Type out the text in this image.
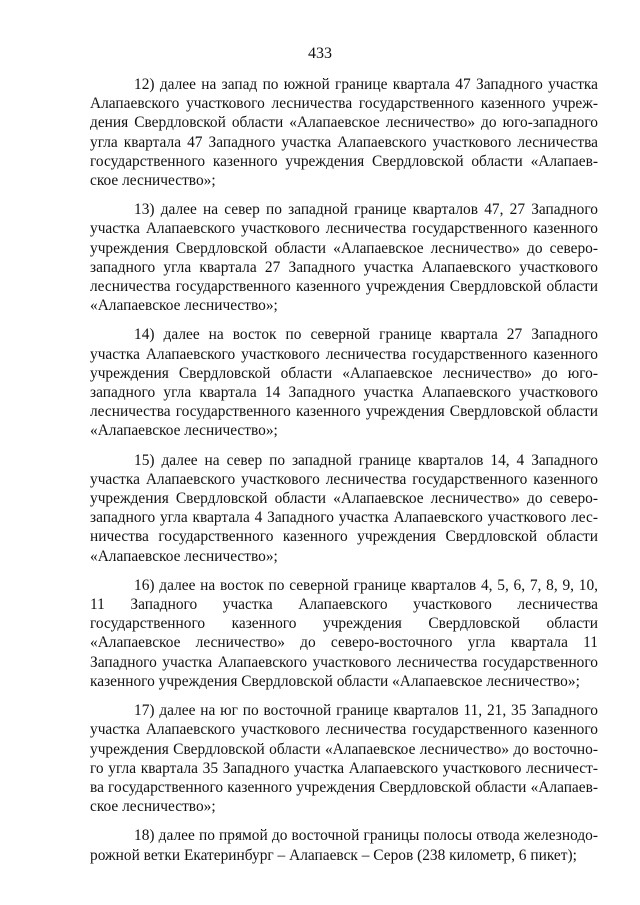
433

12) далее на запад по южной границе квартала 47 Западного участка Алапаевского участкового лесничества государственного казенного учреждения Свердловской области «Алапаевское лесничество» до юго-западного угла квартала 47 Западного участка Алапаевского участкового лесничества государственного казенного учреждения Свердловской области «Алапаевское лесничество»;

13) далее на север по западной границе кварталов 47, 27 Западного участка Алапаевского участкового лесничества государственного казенного учреждения Свердловской области «Алапаевское лесничество» до северозападного угла квартала 27 Западного участка Алапаевского участкового лесничества государственного казенного учреждения Свердловской области «Алапаевское лесничество»;

14) далее на восток по северной границе квартала 27 Западного участка Алапаевского участкового лесничества государственного казенного учреждения Свердловской области «Алапаевское лесничество» до юго-западного угла квартала 14 Западного участка Алапаевского участкового лесничества государственного казенного учреждения Свердловской области «Алапаевское лесничество»;

15) далее на север по западной границе кварталов 14, 4 Западного участка Алапаевского участкового лесничества государственного казенного учреждения Свердловской области «Алапаевское лесничество» до северозападного угла квартала 4 Западного участка Алапаевского участкового лесничества государственного казенного учреждения Свердловской области «Алапаевское лесничество»;

16) далее на восток по северной границе кварталов 4, 5, 6, 7, 8, 9, 10, 11 Западного участка Алапаевского участкового лесничества государственного казенного учреждения Свердловской области «Алапаевское лесничество» до северо-восточного угла квартала 11 Западного участка Алапаевского участкового лесничества государственного казенного учреждения Свердловской области «Алапаевское лесничество»;

17) далее на юг по восточной границе кварталов 11, 21, 35 Западного участка Алапаевского участкового лесничества государственного казенного учреждения Свердловской области «Алапаевское лесничество» до восточного угла квартала 35 Западного участка Алапаевского участкового лесничества государственного казенного учреждения Свердловской области «Алапаевское лесничество»;

18) далее по прямой до восточной границы полосы отвода железнодорожной ветки Екатеринбург – Алапаевск – Серов (238 километр, 6 пикет);
